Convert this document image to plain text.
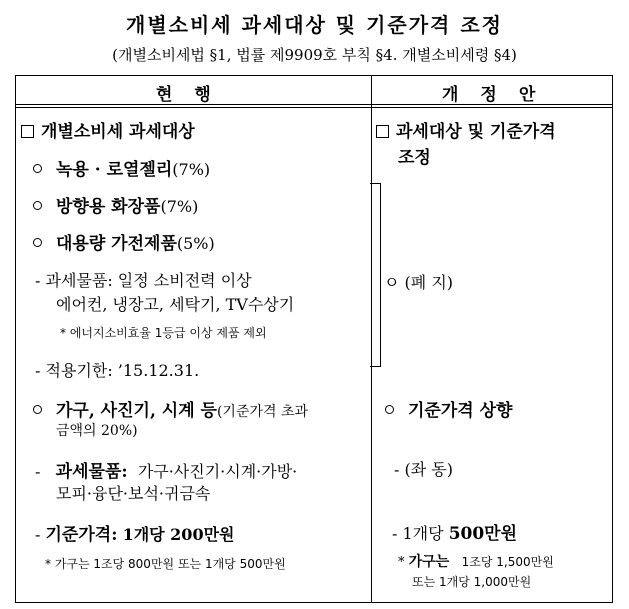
개별소비세 과세대상 및 기준가격 조정
(개별소비세법 §1, 법률 제9909호 부칙 §4. 개별소비세령 §4)
현행	개정안
개별소비세 과세대상
녹용 · 로열젤리(7%)
방향용 화장품(7%)
대용량 가전제품(5%)
- 과세물품: 일정 소비전력 이상
에어컨, 냉장고, 세탁기, TV수상기
* 에너지소비효율 1등급 이상 제품 제외
- 적용기한: ’15.12.31.
가구, 사진기, 시계 등(기준가격 초과
금액의 20%)
- 과세물품: 가구·사진기·시계·가방·
모피·융단·보석·귀금속
- 기준가격: 1개당 200만원
* 가구는 1조당 800만원 또는 1개당 500만원
과세대상 및 기준가격
조정
ㅇ (폐 지)
기준가격 상향
- (좌 동)
- 1개당 500만원
* 가구는 1조당 1,500만원
또는 1개당 1,000만원
